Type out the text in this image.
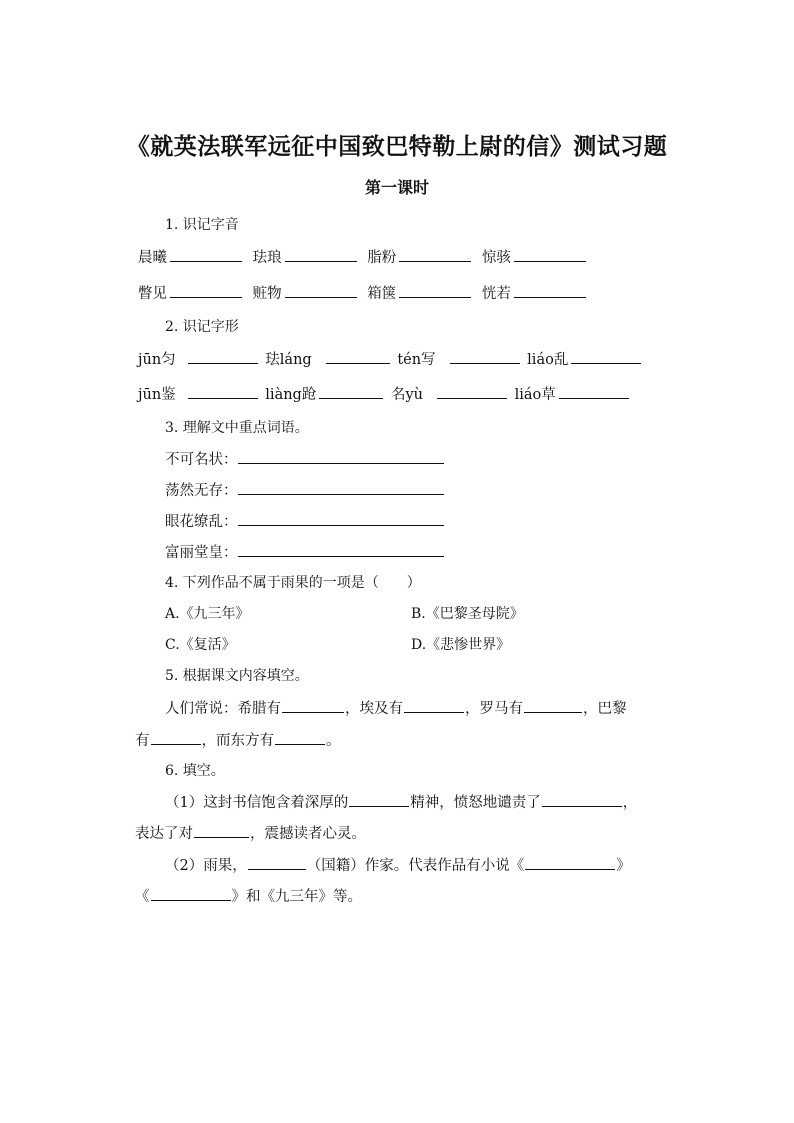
《就英法联军远征中国致巴特勒上尉的信》测试习题
第一课时
1. 识记字音
晨曦	珐琅	脂粉	惊骇
瞥见	赃物	箱箧	恍若
2. 识记字形
jūn匀	珐láng	tén写	liáo乱
jūn鉴	liàng跄	名yù	liáo草
3. 理解文中重点词语。
不可名状：
荡然无存：
眼花缭乱：
富丽堂皇：
4. 下列作品不属于雨果的一项是（　　）
A.《九三年》	B.《巴黎圣母院》
C.《复活》	D.《悲惨世界》
5. 根据课文内容填空。
人们常说：希腊有	，埃及有	，罗马有	，巴黎
有	，而东方有	。
6. 填空。
（1）这封书信饱含着深厚的	精神，愤怒地谴责了	，
表达了对	，震撼读者心灵。
（2）雨果，	（国籍）作家。代表作品有小说《	》
《	》和《九三年》等。
